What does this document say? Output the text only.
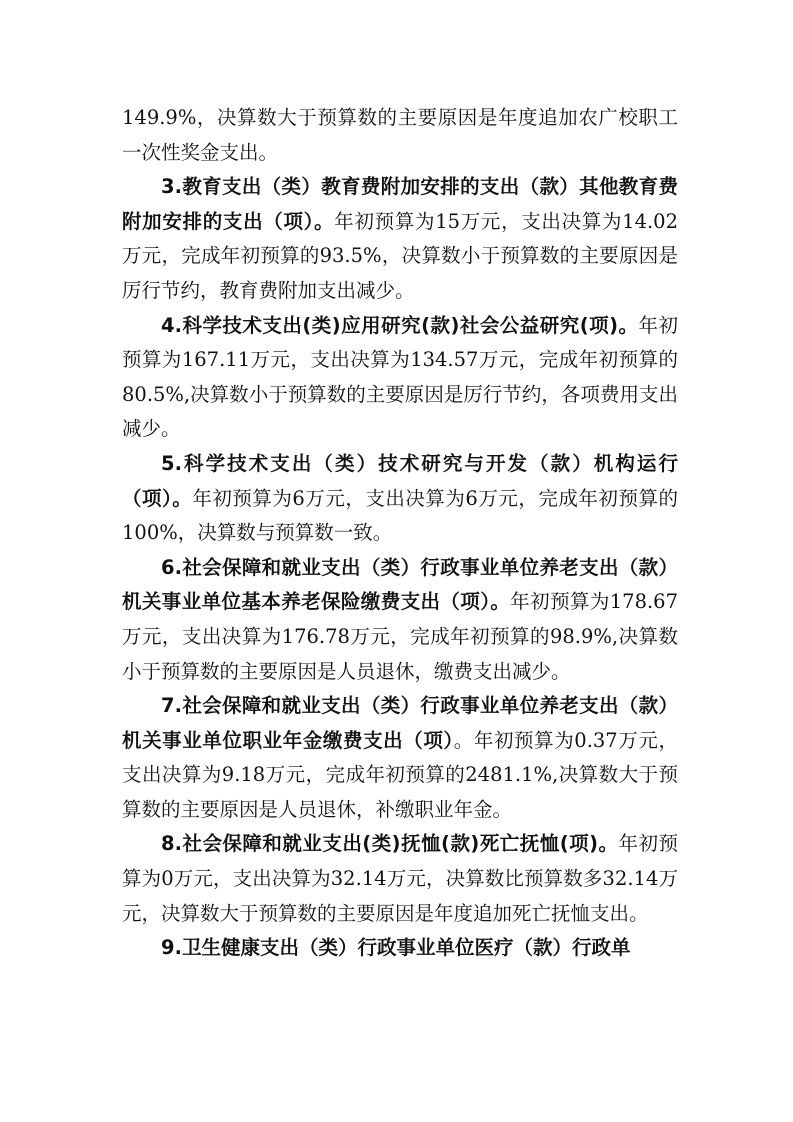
149.9%，决算数大于预算数的主要原因是年度追加农广校职工一次性奖金支出。

3.教育支出（类）教育费附加安排的支出（款）其他教育费附加安排的支出（项）。年初预算为15万元，支出决算为14.02万元，完成年初预算的93.5%，决算数小于预算数的主要原因是厉行节约，教育费附加支出减少。

4.科学技术支出(类)应用研究(款)社会公益研究(项)。年初预算为167.11万元，支出决算为134.57万元，完成年初预算的80.5%,决算数小于预算数的主要原因是厉行节约，各项费用支出减少。

5.科学技术支出（类）技术研究与开发（款）机构运行（项）。年初预算为6万元，支出决算为6万元，完成年初预算的100%，决算数与预算数一致。

6.社会保障和就业支出（类）行政事业单位养老支出（款）机关事业单位基本养老保险缴费支出（项）。年初预算为178.67万元，支出决算为176.78万元，完成年初预算的98.9%,决算数小于预算数的主要原因是人员退休，缴费支出减少。

7.社会保障和就业支出（类）行政事业单位养老支出（款）机关事业单位职业年金缴费支出（项）。年初预算为0.37万元，支出决算为9.18万元，完成年初预算的2481.1%,决算数大于预算数的主要原因是人员退休，补缴职业年金。

8.社会保障和就业支出(类)抚恤(款)死亡抚恤(项)。年初预算为0万元，支出决算为32.14万元，决算数比预算数多32.14万元，决算数大于预算数的主要原因是年度追加死亡抚恤支出。

9.卫生健康支出（类）行政事业单位医疗（款）行政单
